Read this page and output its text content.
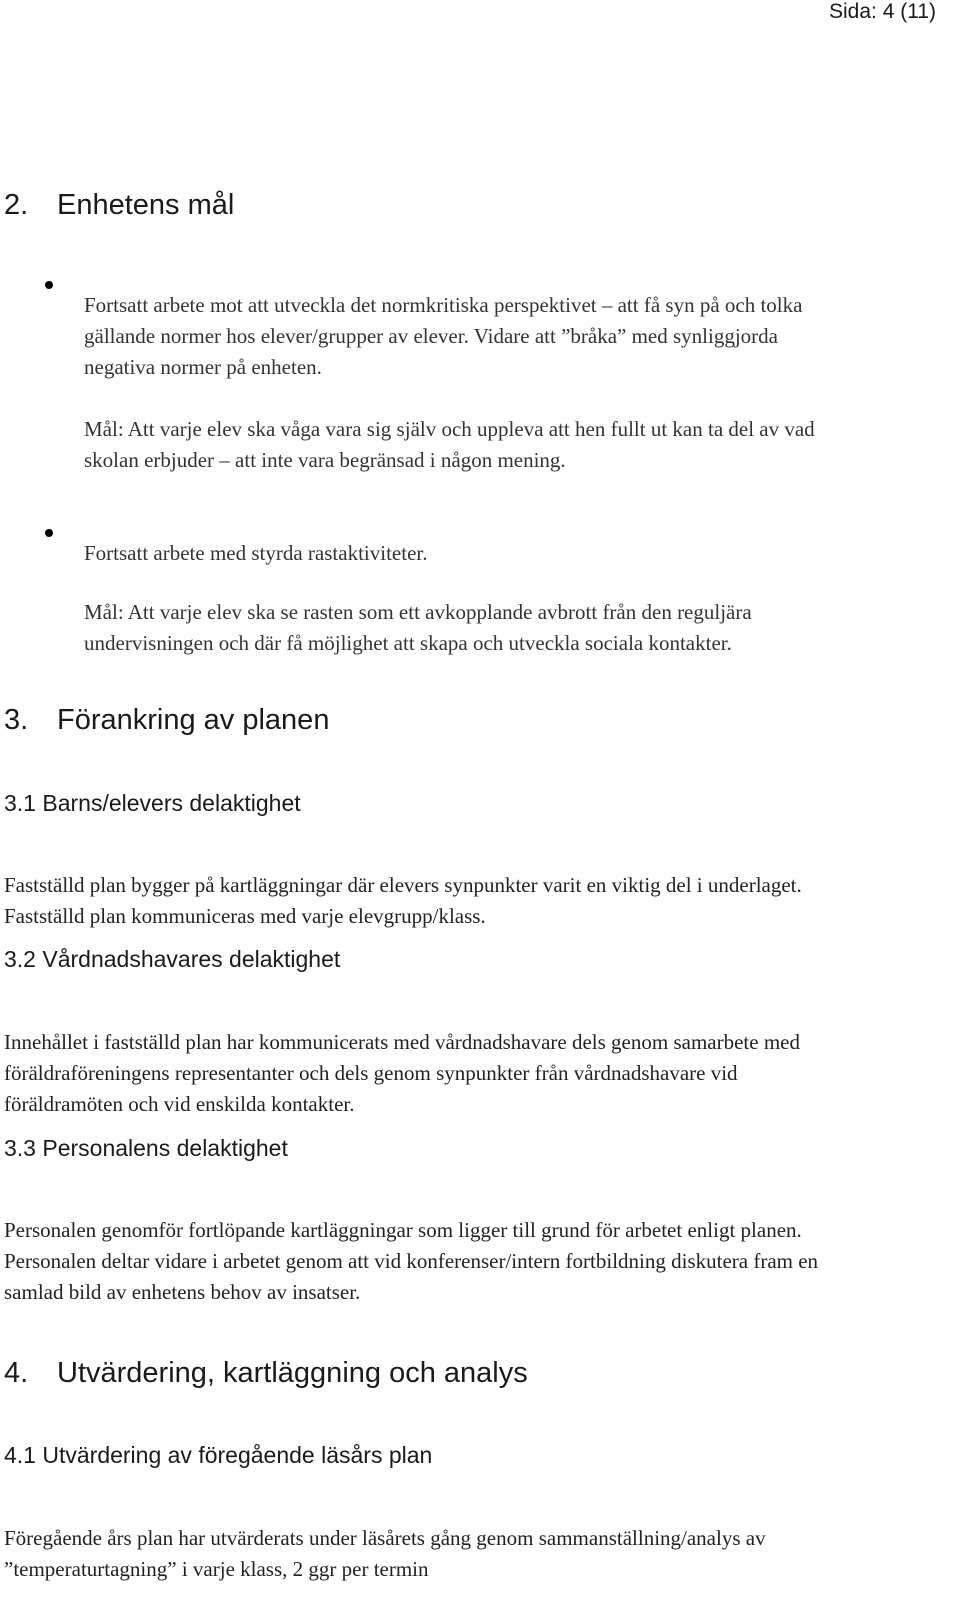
Sida: 4 (11)
2. Enhetens mål

Fortsatt arbete mot att utveckla det normkritiska perspektivet – att få syn på och tolka gällande normer hos elever/grupper av elever. Vidare att ”bråka” med synliggjorda negativa normer på enheten.

Mål: Att varje elev ska våga vara sig själv och uppleva att hen fullt ut kan ta del av vad skolan erbjuder – att inte vara begränsad i någon mening.

Fortsatt arbete med styrda rastaktiviteter.

Mål: Att varje elev ska se rasten som ett avkopplande avbrott från den reguljära undervisningen och där få möjlighet att skapa och utveckla sociala kontakter.

3. Förankring av planen
3.1 Barns/elevers delaktighet

Fastställd plan bygger på kartläggningar där elevers synpunkter varit en viktig del i underlaget. Fastställd plan kommuniceras med varje elevgrupp/klass.

3.2 Vårdnadshavares delaktighet

Innehållet i fastställd plan har kommunicerats med vårdnadshavare dels genom samarbete med föräldraföreningens representanter och dels genom synpunkter från vårdnadshavare vid föräldramöten och vid enskilda kontakter.

3.3 Personalens delaktighet

Personalen genomför fortlöpande kartläggningar som ligger till grund för arbetet enligt planen. Personalen deltar vidare i arbetet genom att vid konferenser/intern fortbildning diskutera fram en samlad bild av enhetens behov av insatser.

4. Utvärdering, kartläggning och analys
4.1 Utvärdering av föregående läsårs plan

Föregående års plan har utvärderats under läsårets gång genom sammanställning/analys av ”temperaturtagning” i varje klass, 2 ggr per termin
